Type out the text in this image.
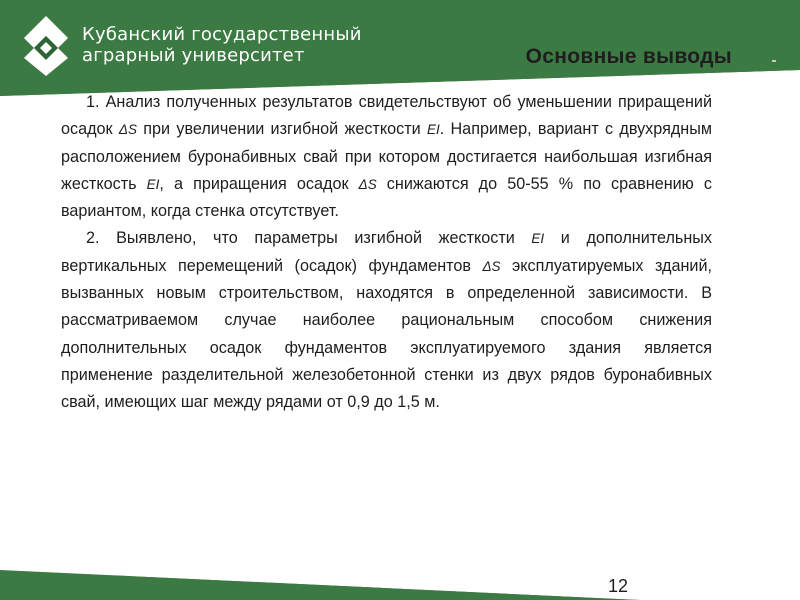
Кубанский государственный
аграрный университет	Основные выводы

1. Анализ полученных результатов свидетельствуют об уменьшении приращений осадок ΔS при увеличении изгибной жесткости EI. Например, вариант с двухрядным расположением буронабивных свай при котором достигается наибольшая изгибная жесткость EI, а приращения осадок ΔS снижаются до 50-55 % по сравнению с вариантом, когда стенка отсутствует.

2. Выявлено, что параметры изгибной жесткости EI и дополнительных вертикальных перемещений (осадок) фундаментов ΔS эксплуатируемых зданий, вызванных новым строительством, находятся в определенной зависимости. В рассматриваемом случае наиболее рациональным способом снижения дополнительных осадок фундаментов эксплуатируемого здания является применение разделительной железобетонной стенки из двух рядов буронабивных свай, имеющих шаг между рядами от 0,9 до 1,5 м.

12	http://kubsau.ru
